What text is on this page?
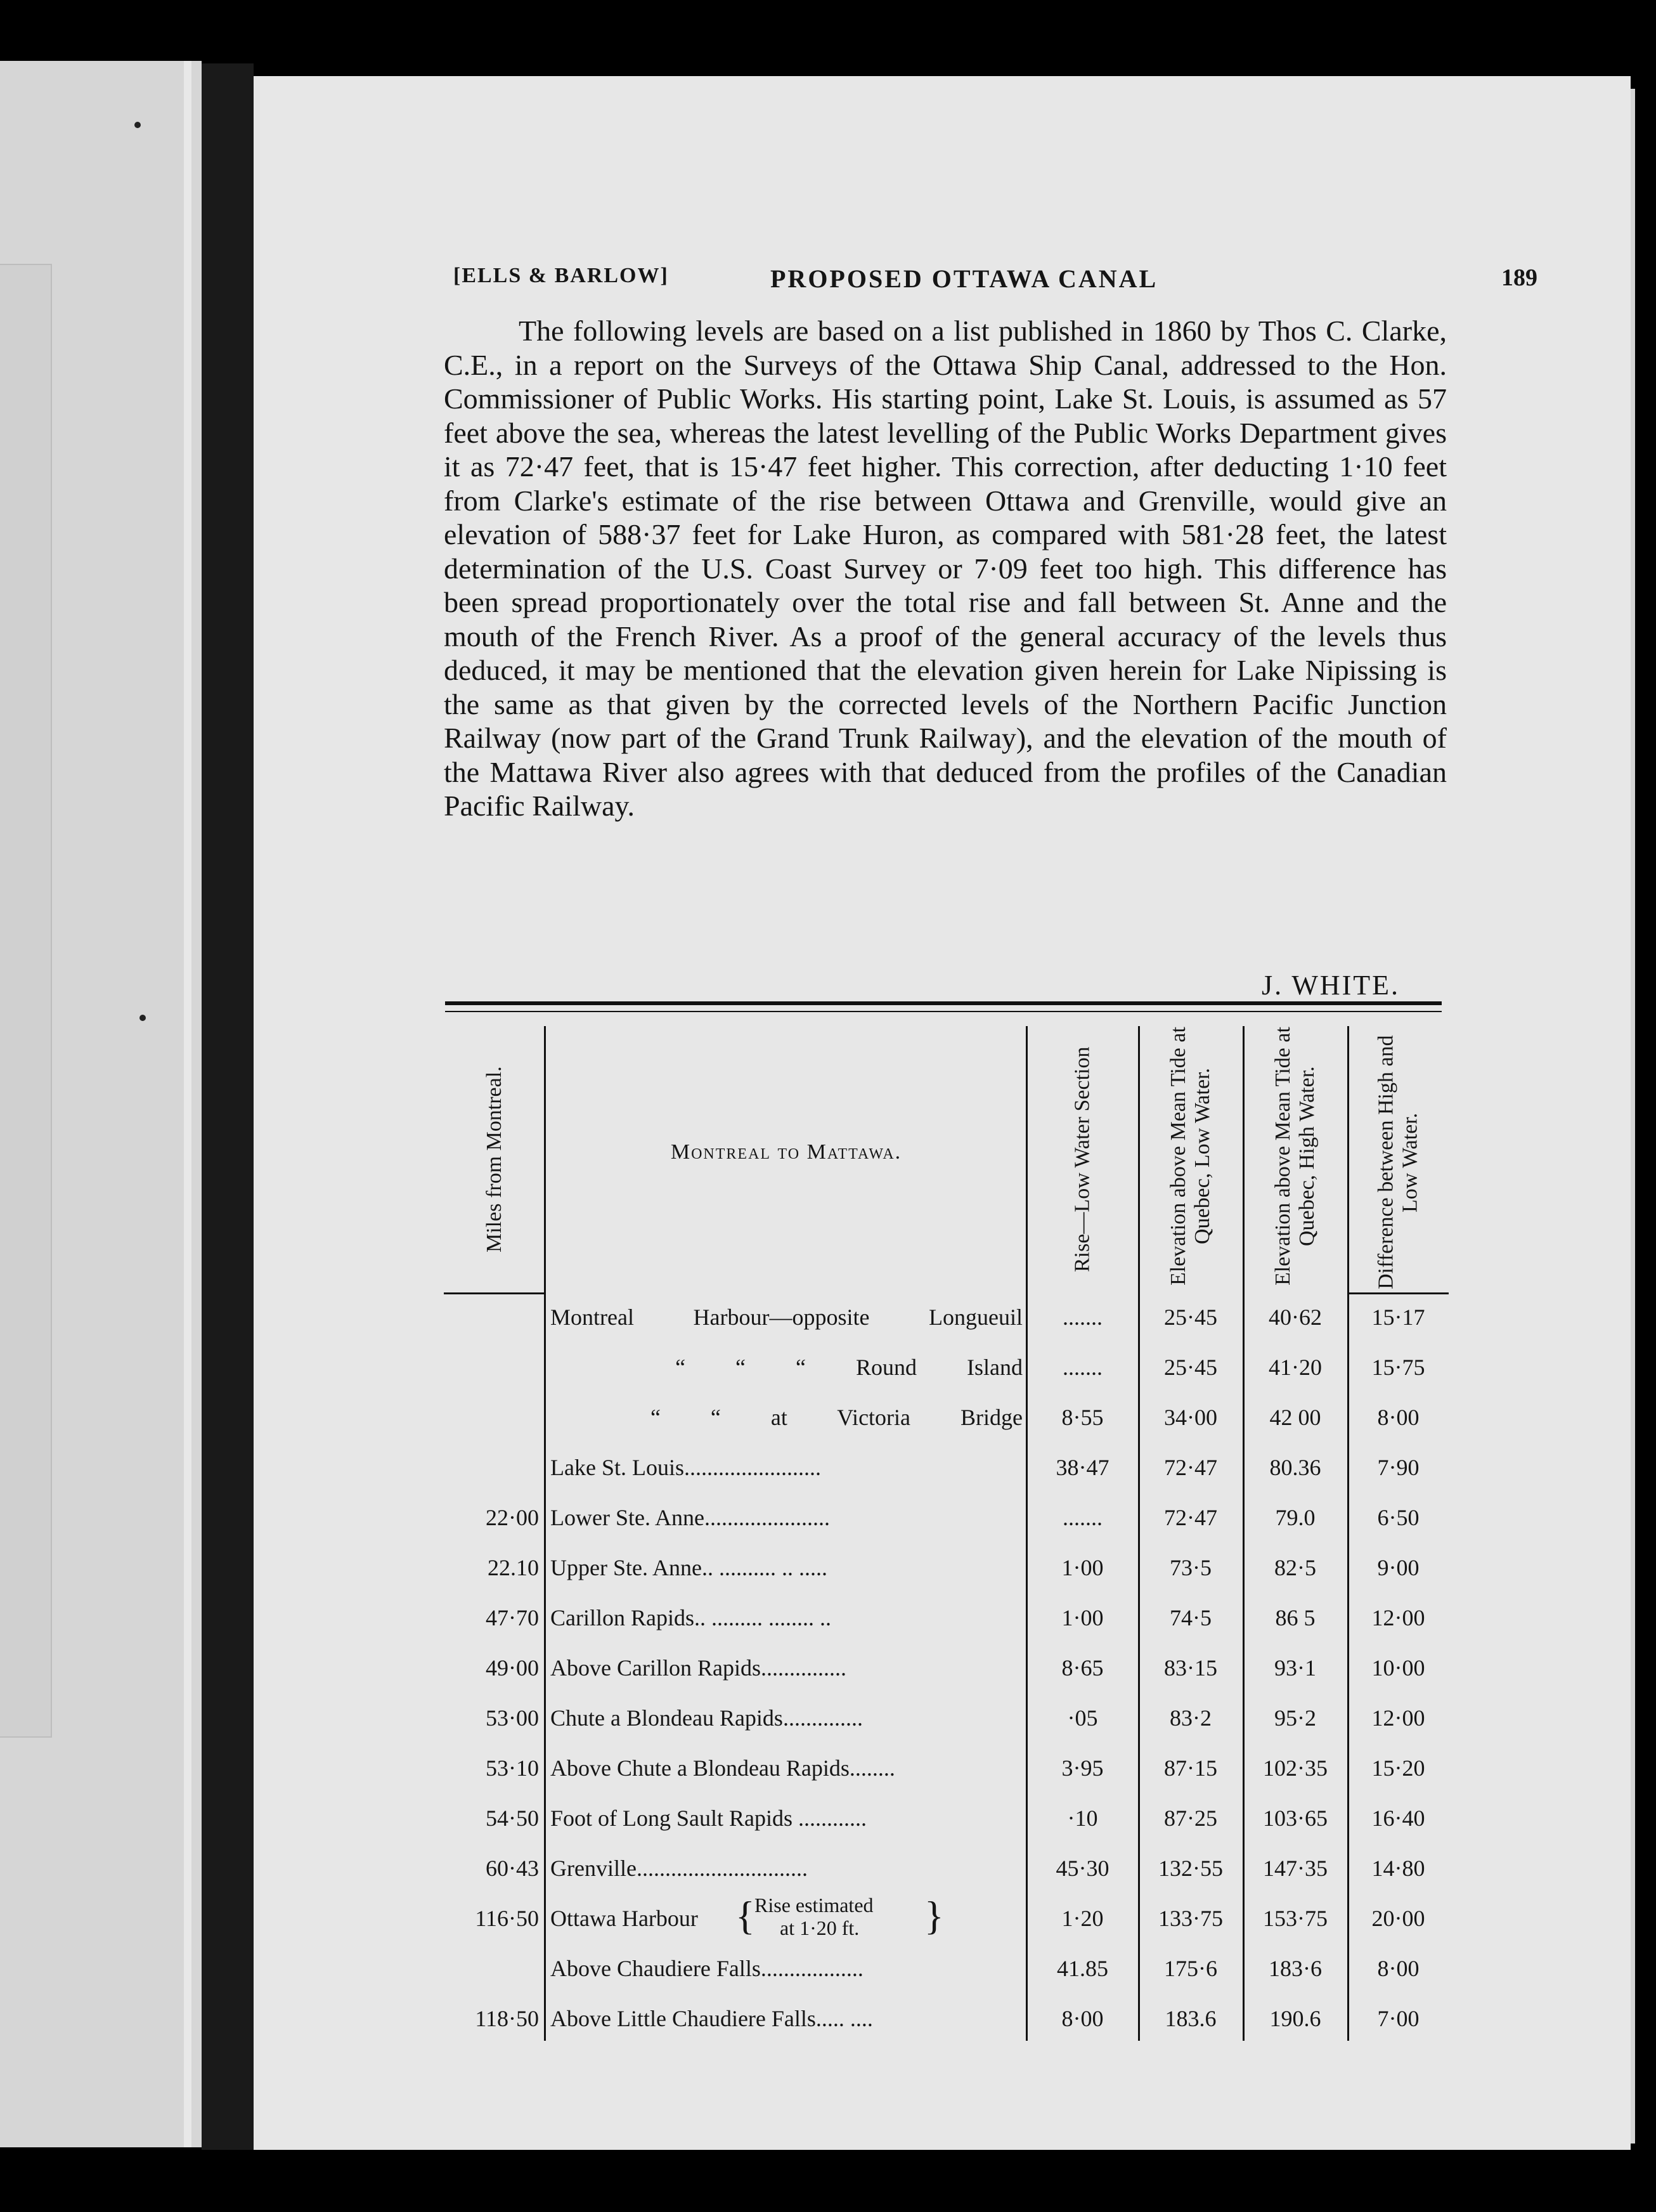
[ELLS & BARLOW]	PROPOSED OTTAWA CANAL	189

The following levels are based on a list published in 1860 by Thos C. Clarke, C.E., in a report on the Surveys of the Ottawa Ship Canal, addressed to the Hon. Commissioner of Public Works. His starting point, Lake St. Louis, is assumed as 57 feet above the sea, whereas the latest levelling of the Public Works Department gives it as 72·47 feet, that is 15·47 feet higher. This correction, after deducting 1·10 feet from Clarke's estimate of the rise between Ottawa and Grenville, would give an elevation of 588·37 feet for Lake Huron, as compared with 581·28 feet, the latest determination of the U.S. Coast Survey or 7·09 feet too high. This difference has been spread proportionately over the total rise and fall between St. Anne and the mouth of the French River. As a proof of the general accuracy of the levels thus deduced, it may be mentioned that the elevation given herein for Lake Nipissing is the same as that given by the corrected levels of the Northern Pacific Junction Railway (now part of the Grand Trunk Railway), and the elevation of the mouth of the Mattawa River also agrees with that deduced from the profiles of the Canadian Pacific Railway.

J. WHITE.
Miles from Montreal.	Montreal to Mattawa.	Rise—Low Water Section	Elevation above Mean Tide at Quebec, Low Water.	Elevation above Mean Tide at Quebec, High Water.	Difference between High and Low Water.
Montreal Harbour—opposite Longueuil	.......	25·45	40·62	15·17
“ “ “ Round Island	.......	25·45	41·20	15·75
“ “ at Victoria Bridge	8·55	34·00	42 00	8·00
Lake St. Louis........................	38·47	72·47	80.36	7·90
22·00 Lower Ste. Anne......................	.......	72·47	79.0	6·50
22.10 Upper Ste. Anne.. .......... .. .....	1·00	73·5	82·5	9·00
47·70 Carillon Rapids.. ......... ........ ..	1·00	74·5	86 5	12·00
49·00 Above Carillon Rapids...............	8·65	83·15	93·1	10·00
53·00 Chute a Blondeau Rapids..............	·05	83·2	95·2	12·00
53·10 Above Chute a Blondeau Rapids........	3·95	87·15	102·35	15·20
54·50 Foot of Long Sault Rapids ............	·10	87·25	103·65	16·40
60·43 Grenville..............................	45·30	132·55	147·35	14·80
116·50 Ottawa Harbour { Rise estimated
at 1·20 ft. }	1·20	133·75	153·75	20·00
Above Chaudiere Falls..................	41.85	175·6	183·6	8·00
118·50 Above Little Chaudiere Falls..... ....	8·00	183.6	190.6	7·00
